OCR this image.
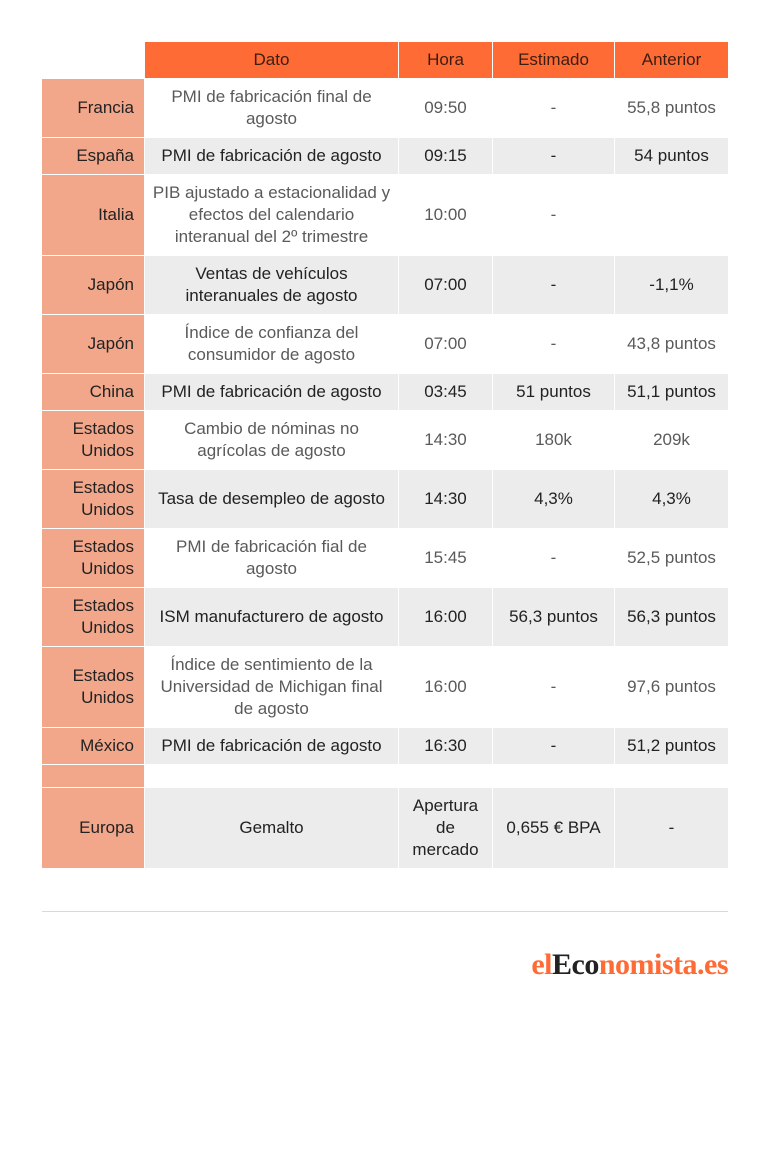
	Dato	Hora	Estimado	Anterior
Francia	PMI de fabricación final de agosto	09:50	-	55,8 puntos
España	PMI de fabricación de agosto	09:15	-	54 puntos
Italia	PIB ajustado a estacionalidad y efectos del calendario interanual del 2º trimestre	10:00	-	
Japón	Ventas de vehículos interanuales de agosto	07:00	-	-1,1%
Japón	Índice de confianza del consumidor de agosto	07:00	-	43,8 puntos
China	PMI de fabricación de agosto	03:45	51 puntos	51,1 puntos
Estados Unidos	Cambio de nóminas no agrícolas de agosto	14:30	180k	209k
Estados Unidos	Tasa de desempleo de agosto	14:30	4,3%	4,3%
Estados Unidos	PMI de fabricación fial de agosto	15:45	-	52,5 puntos
Estados Unidos	ISM manufacturero de agosto	16:00	56,3 puntos	56,3 puntos
Estados Unidos	Índice de sentimiento de la Universidad de Michigan final de agosto	16:00	-	97,6 puntos
México	PMI de fabricación de agosto	16:30	-	51,2 puntos

Europa	Gemalto	Apertura de mercado	0,655 € BPA	-
elEconomista.es
